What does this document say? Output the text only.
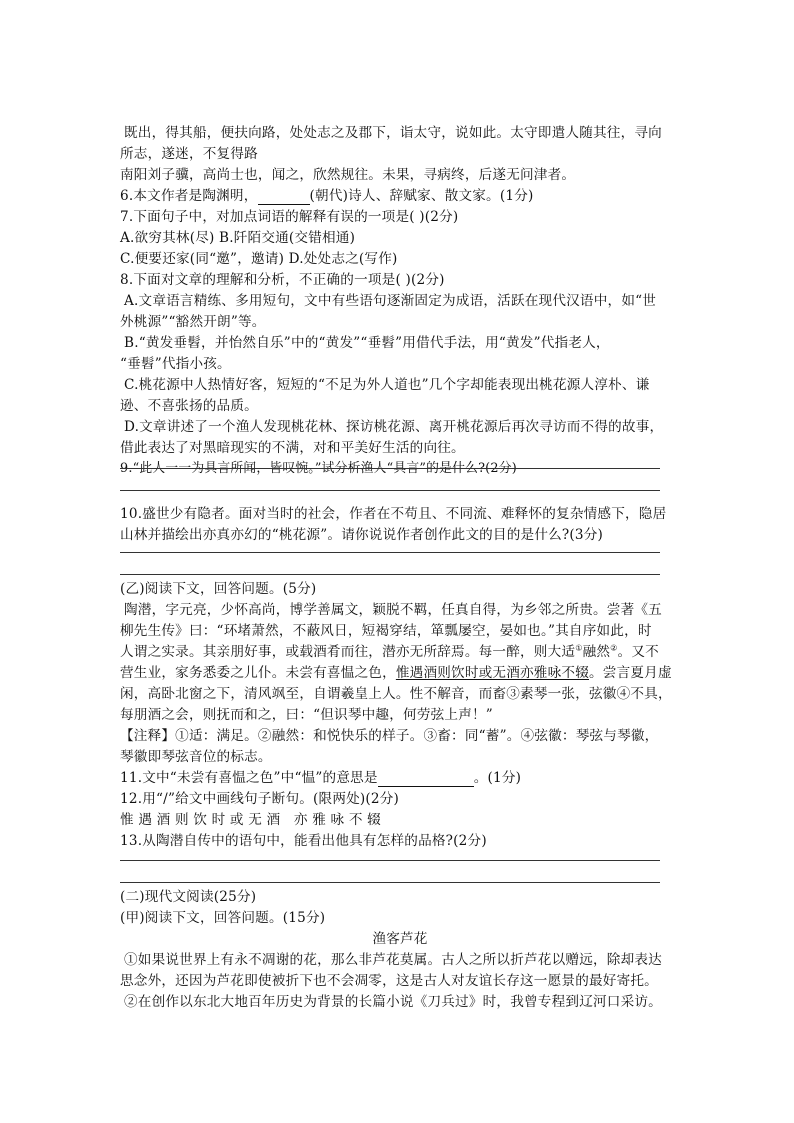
既出，得其船，便扶向路，处处志之及郡下，诣太守，说如此。太守即遣人随其往，寻向
所志，遂迷，不复得路
南阳刘子骥，高尚士也，闻之，欣然规往。未果，寻病终，后遂无问津者。
6.本文作者是陶渊明，	(朝代)诗人、辞赋家、散文家。(1分)
7.下面句子中，对加点词语的解释有误的一项是( )(2分)
A.欲穷其林(尽) B.阡陌交通(交错相通)
C.便要还家(同“邀”，邀请) D.处处志之(写作)
8.下面对文章的理解和分析，不正确的一项是( )(2分)
A.文章语言精练、多用短句，文中有些语句逐渐固定为成语，活跃在现代汉语中，如“世
外桃源”“豁然开朗”等。
B.“黄发垂髫，并怡然自乐”中的“黄发”“垂髫”用借代手法，用“黄发”代指老人，
“垂髫”代指小孩。
C.桃花源中人热情好客，短短的“不足为外人道也”几个字却能表现出桃花源人淳朴、谦
逊、不喜张扬的品质。
D.文章讲述了一个渔人发现桃花林、探访桃花源、离开桃花源后再次寻访而不得的故事，
借此表达了对黑暗现实的不满，对和平美好生活的向往。
9.“此人一一为具言所闻，皆叹惋。”试分析渔人“具言”的是什么?(2分)
10.盛世少有隐者。面对当时的社会，作者在不苟且、不同流、难释怀的复杂情感下，隐居
山林并描绘出亦真亦幻的“桃花源”。请你说说作者创作此文的目的是什么?(3分)
(乙)阅读下文，回答问题。(5分)
陶潜，字元亮，少怀高尚，博学善属文，颖脱不羁，任真自得，为乡邻之所贵。尝著《五
柳先生传》曰：“环堵萧然，不蔽风日，短褐穿结，箪瓢屡空，晏如也。”其自序如此，时
人谓之实录。其亲朋好事，或载酒肴而往，潜亦无所辞焉。每一醉，则大适①融然②。又不
营生业，家务悉委之儿仆。未尝有喜愠之色，惟遇酒则饮时或无酒亦雅咏不辍。尝言夏月虚
闲，高卧北窗之下，清风飒至，自谓羲皇上人。性不解音，而畜③素琴一张，弦徽④不具，
每朋酒之会，则抚而和之，曰：“但识琴中趣，何劳弦上声！”
【注释】①适：满足。②融然：和悦快乐的样子。③畜：同“蓄”。④弦徽：琴弦与琴徽，
琴徽即琴弦音位的标志。
11.文中“未尝有喜愠之色”中“愠”的意思是	。(1分)
12.用“/”给文中画线句子断句。(限两处)(2分)
惟 遇 酒 则 饮 时 或 无 酒   亦 雅 咏 不 辍
13.从陶潜自传中的语句中，能看出他具有怎样的品格?(2分)
(二)现代文阅读(25分)
(甲)阅读下文，回答问题。(15分)
渔客芦花
①如果说世界上有永不凋谢的花，那么非芦花莫属。古人之所以折芦花以赠远，除却表达
思念外，还因为芦花即使被折下也不会凋零，这是古人对友谊长存这一愿景的最好寄托。
②在创作以东北大地百年历史为背景的长篇小说《刀兵过》时，我曾专程到辽河口采访。
